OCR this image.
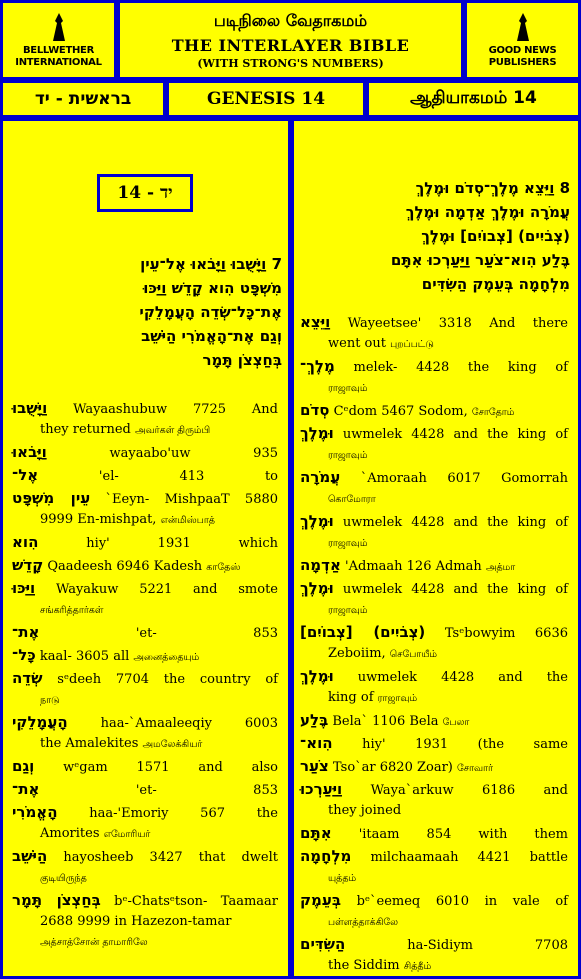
BELLWETHER INTERNATIONAL
படிநிலை வேதாகமம்
THE INTERLAYER BIBLE
(WITH STRONG'S NUMBERS)
GOOD NEWS PUBLISHERS
בראשית - יד	GENESIS 14	ஆதியாகமம் 14
14 - יד
7 וַיָּשֻׁבוּ וַיָּבֹאוּ אֶל־עֵין
מִשְׁפָּט הִוא קָדֵשׁ וַיַּכּוּ
אֶת־כָּל־שְׂדֵה הָעֲמָלֵקִי
וְגַם אֶת־הָאֱמֹרִי הַיֹּשֵׁב
בְּחַצְצֹן תָּמָר
8 וַיֵּצֵא מֶלֶךְ־סְדֹם וּמֶלֶךְ
עֲמֹרָה וּמֶלֶךְ אַדְמָה וּמֶלֶךְ
(צְבֹיִים) [צְבוֹיִם] וּמֶלֶךְ
בֶּלַע הִוא־צֹעַר וַיַּעַרְכוּ אִתָּם
מִלְחָמָה בְּעֵמֶק הַשִּׂדִּים
וַיָּשֻׁבוּ Wayaashubuw 7725 And
they returned அவர்கள் திரும்பி
וַיָּבֹאוּ wayaabo'uw 935
אֶל־ 'el- 413 to
עֵין מִשְׁפָּט `Eeyn- MishpaaT 5880
9999 En-mishpat, என்மிஸ்பாத்
הִוא hiy' 1931 which
קָדֵשׁ Qaadeesh 6946 Kadesh காதேஸ்
וַיַּכּוּ Wayakuw 5221 and smote
சங்கரித்தார்கள்
אֶת־ 'et- 853
כָּל־ kaal- 3605 all அனைத்தையும்
שְׂדֵה sᵉdeeh 7704 the country of
நாடு
הָעֲמָלֵקִי haa-`Amaaleeqiy 6003
the Amalekites அமலேக்கியர்
וְגַם wᵉgam 1571 and also
אֶת־ 'et- 853
הָאֱמֹרִי haa-'Emoriy 567 the
Amorites எமோரியர்
הַיֹּשֵׁב hayosheeb 3427 that dwelt
குடியிருந்த
בְּחַצְצֹן תָּמָר bᵉ-Chatsᵉtson- Taamaar
2688 9999 in Hazezon-tamar அத்சாத்சோன் தாமாரிலே
וַיֵּצֵא Wayeetsee' 3318 And there
went out புறப்பட்டு
מֶלֶךְ־ melek- 4428 the king of
ராஜாவும்
סְדֹם Cᵉdom 5467 Sodom, சோதோம்
וּמֶלֶךְ uwmelek 4428 and the king of
ராஜாவும்
עֲמֹרָה `Amoraah 6017 Gomorrah
கொமோரா
וּמֶלֶךְ uwmelek 4428 and the king of
ராஜாவும்
אַדְמָה 'Admaah 126 Admah அத்மா
וּמֶלֶךְ uwmelek 4428 and the king of
ராஜாவும்
(צְבֹיִים) [צְבוֹיִם] Tsᵉbowyim 6636
Zeboiim, செபோயீம்
וּמֶלֶךְ uwmelek 4428 and the
king of ராஜாவும்
בֶּלַע Bela` 1106 Bela பேலா
הִוא־ hiy' 1931 (the same
צֹעַר Tso`ar 6820 Zoar) சோவார்
וַיַּעַרְכוּ Waya`arkuw 6186 and
they joined
אִתָּם 'itaam 854 with them
מִלְחָמָה milchaamaah 4421 battle
யுத்தம்
בְּעֵמֶק bᵉ`eemeq 6010 in vale of
பள்ளத்தாக்கிலே
הַשִּׂדִּים ha-Sidiym 7708
the Siddim சித்தீம்
